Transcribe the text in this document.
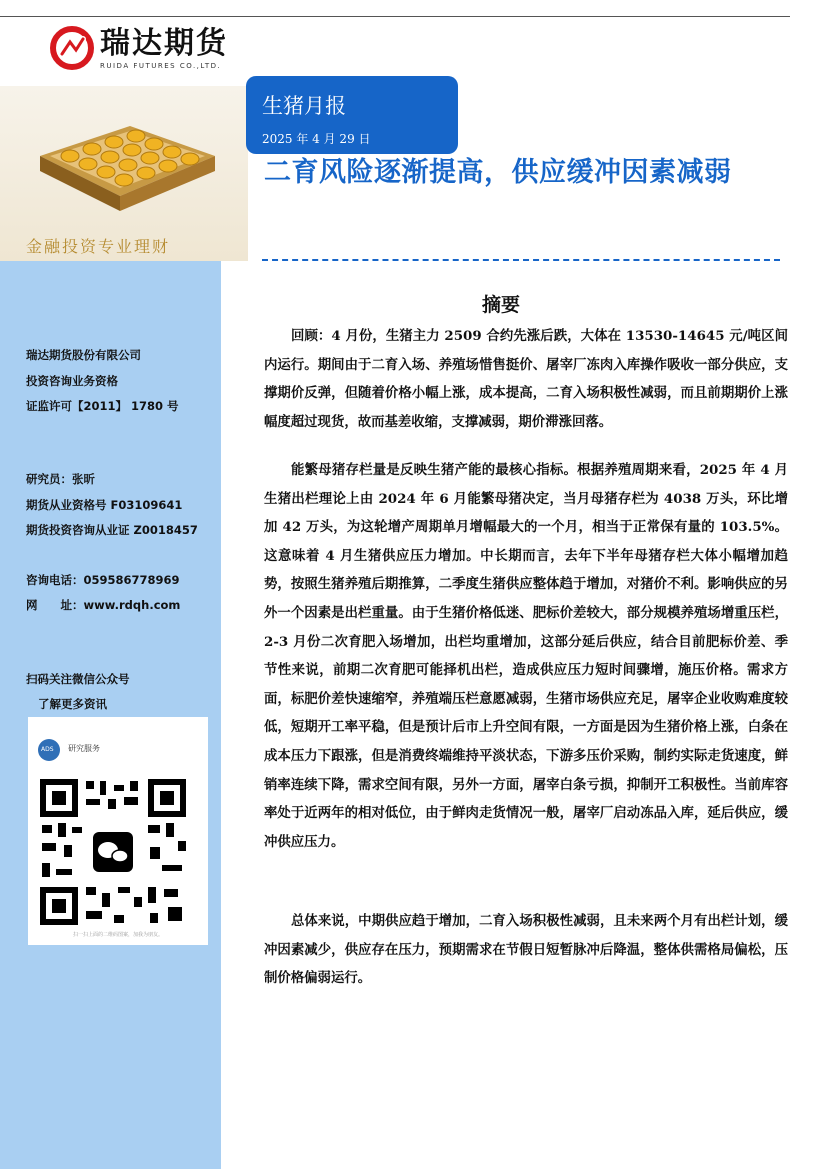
瑞达期货
RUIDA FUTURES CO.,LTD.
金融投资专业理财
生猪月报
2025 年 4 月 29 日
二育风险逐渐提高，供应缓冲因素减弱
瑞达期货股份有限公司
投资咨询业务资格
证监许可【2011】 1780 号
研究员：张昕
期货从业资格号 F03109641
期货投资咨询从业证 Z0018457
咨询电话：059586778969
网　　址：www.rdqh.com
扫码关注微信公众号
了解更多资讯
ADS 研究服务
扫一扫上面的二维码图案，加我为朋友。
摘要

回顾：4 月份，生猪主力 2509 合约先涨后跌，大体在 13530-14645 元/吨区间内运行。期间由于二育入场、养殖场惜售挺价、屠宰厂冻肉入库操作吸收一部分供应，支撑期价反弹，但随着价格小幅上涨，成本提高，二育入场积极性减弱，而且前期期价上涨幅度超过现货，故而基差收缩，支撑减弱，期价滞涨回落。

能繁母猪存栏量是反映生猪产能的最核心指标。根据养殖周期来看，2025 年 4 月生猪出栏理论上由 2024 年 6 月能繁母猪决定，当月母猪存栏为 4038 万头，环比增加 42 万头，为这轮增产周期单月增幅最大的一个月，相当于正常保有量的 103.5%。这意味着 4 月生猪供应压力增加。中长期而言，去年下半年母猪存栏大体小幅增加趋势，按照生猪养殖后期推算，二季度生猪供应整体趋于增加，对猪价不利。影响供应的另外一个因素是出栏重量。由于生猪价格低迷、肥标价差较大，部分规模养殖场增重压栏，2-3 月份二次育肥入场增加，出栏均重增加，这部分延后供应，结合目前肥标价差、季节性来说，前期二次育肥可能择机出栏，造成供应压力短时间骤增，施压价格。需求方面，标肥价差快速缩窄，养殖端压栏意愿减弱，生猪市场供应充足，屠宰企业收购难度较低，短期开工率平稳，但是预计后市上升空间有限，一方面是因为生猪价格上涨，白条在成本压力下跟涨，但是消费终端维持平淡状态，下游多压价采购，制约实际走货速度，鲜销率连续下降，需求空间有限，另外一方面，屠宰白条亏损，抑制开工积极性。当前库容率处于近两年的相对低位，由于鲜肉走货情况一般，屠宰厂启动冻品入库，延后供应，缓冲供应压力。

总体来说，中期供应趋于增加，二育入场积极性减弱，且未来两个月有出栏计划，缓冲因素减少，供应存在压力，预期需求在节假日短暂脉冲后降温，整体供需格局偏松，压制价格偏弱运行。
